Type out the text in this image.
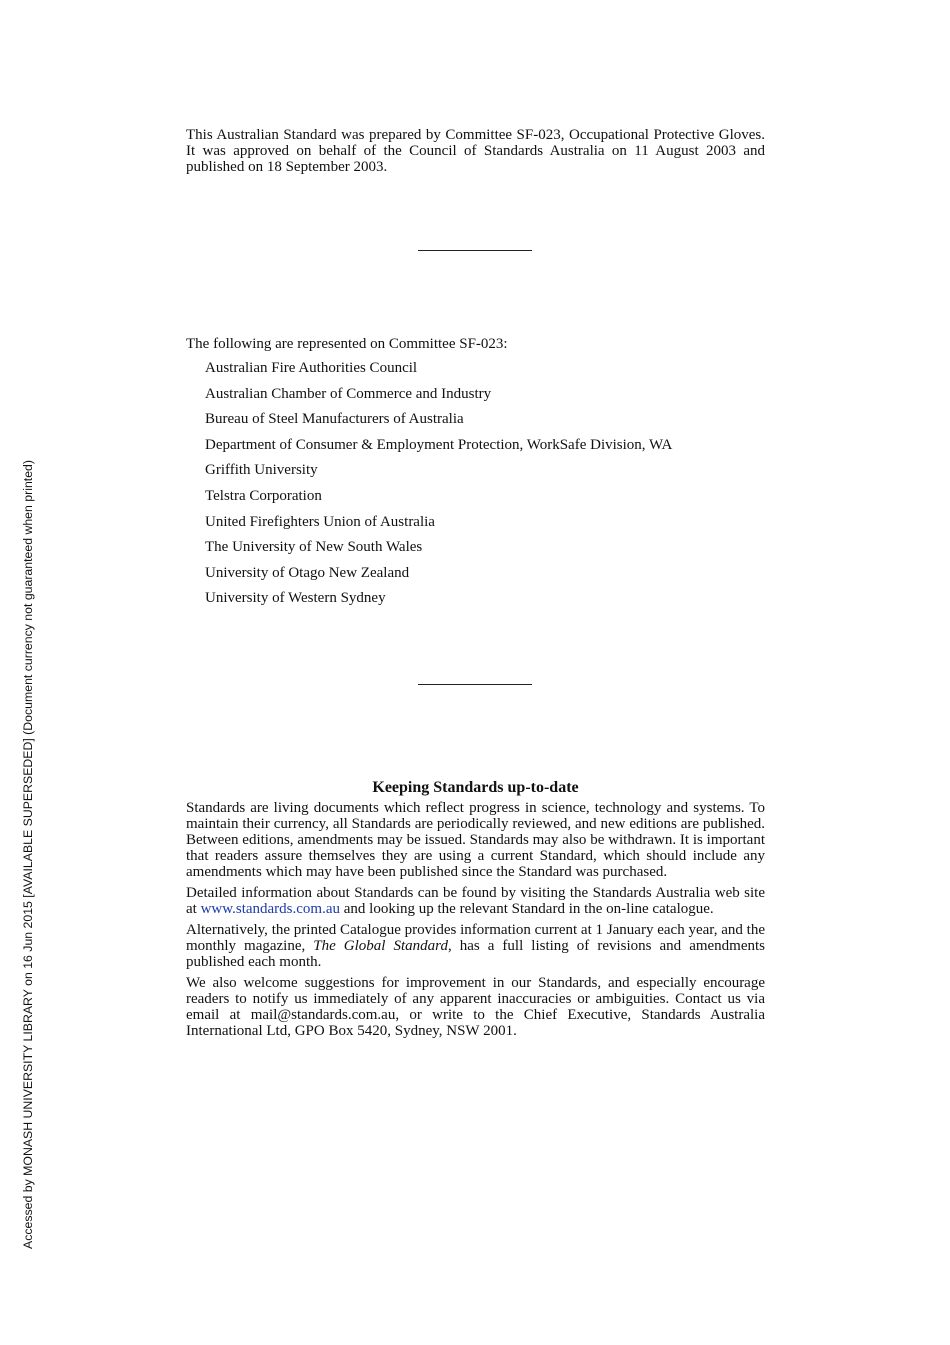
This Australian Standard was prepared by Committee SF-023, Occupational Protective Gloves. It was approved on behalf of the Council of Standards Australia on 11 August 2003 and published on 18 September 2003.
The following are represented on Committee SF-023:
Australian Fire Authorities Council
Australian Chamber of Commerce and Industry
Bureau of Steel Manufacturers of Australia
Department of Consumer & Employment Protection, WorkSafe Division, WA
Griffith University
Telstra Corporation
United Firefighters Union of Australia
The University of New South Wales
University of Otago New Zealand
University of Western Sydney
Keeping Standards up-to-date

Standards are living documents which reflect progress in science, technology and systems. To maintain their currency, all Standards are periodically reviewed, and new editions are published. Between editions, amendments may be issued. Standards may also be withdrawn. It is important that readers assure themselves they are using a current Standard, which should include any amendments which may have been published since the Standard was purchased.

Detailed information about Standards can be found by visiting the Standards Australia web site at www.standards.com.au and looking up the relevant Standard in the on-line catalogue.

Alternatively, the printed Catalogue provides information current at 1 January each year, and the monthly magazine, The Global Standard, has a full listing of revisions and amendments published each month.

We also welcome suggestions for improvement in our Standards, and especially encourage readers to notify us immediately of any apparent inaccuracies or ambiguities. Contact us via email at mail@standards.com.au, or write to the Chief Executive, Standards Australia International Ltd, GPO Box 5420, Sydney, NSW 2001.

Accessed by MONASH UNIVERSITY LIBRARY on 16 Jun 2015 [AVAILABLE SUPERSEDED] (Document currency not guaranteed when printed)
